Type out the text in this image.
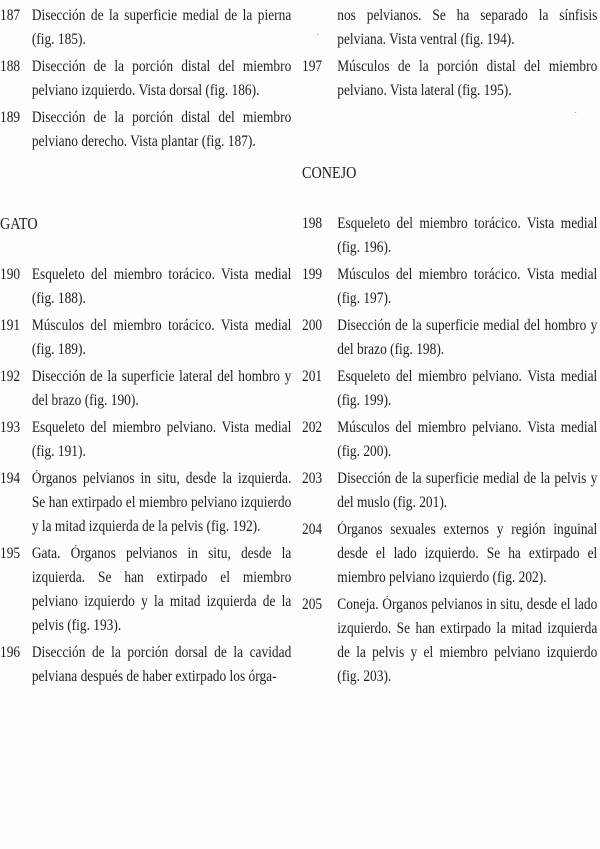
187 Disección de la superficie medial de la pierna (fig. 185).
188 Disección de la porción distal del miembro pelviano izquierdo. Vista dorsal (fig. 186).
189 Disección de la porción distal del miembro pelviano derecho. Vista plantar (fig. 187).
GATO
190 Esqueleto del miembro torácico. Vista medial (fig. 188).
191 Músculos del miembro torácico. Vista medial (fig. 189).
192 Disección de la superficie lateral del hombro y del brazo (fig. 190).
193 Esqueleto del miembro pelviano. Vista medial (fig. 191).
194 Órganos pelvianos in situ, desde la izquierda. Se han extirpado el miembro pelviano izquierdo y la mitad izquierda de la pelvis (fig. 192).
195 Gata. Órganos pelvianos in situ, desde la izquierda. Se han extirpado el miembro pelviano izquierdo y la mitad izquierda de la pelvis (fig. 193).
196 Disección de la porción dorsal de la cavidad pelviana después de haber extirpado los órga-
nos pelvianos. Se ha separado la sínfisis pelviana. Vista ventral (fig. 194).
197 Músculos de la porción distal del miembro pelviano. Vista lateral (fig. 195).
CONEJO
198 Esqueleto del miembro torácico. Vista medial (fig. 196).
199 Músculos del miembro torácico. Vista medial (fig. 197).
200 Disección de la superficie medial del hombro y del brazo (fig. 198).
201 Esqueleto del miembro pelviano. Vista medial (fig. 199).
202 Músculos del miembro pelviano. Vista medial (fig. 200).
203 Disección de la superficie medial de la pelvis y del muslo (fig. 201).
204 Órganos sexuales externos y región inguinal desde el lado izquierdo. Se ha extirpado el miembro pelviano izquierdo (fig. 202).
205 Coneja. Órganos pelvianos in situ, desde el lado izquierdo. Se han extirpado la mitad izquierda de la pelvis y el miembro pelviano izquierdo (fig. 203).
·
·
